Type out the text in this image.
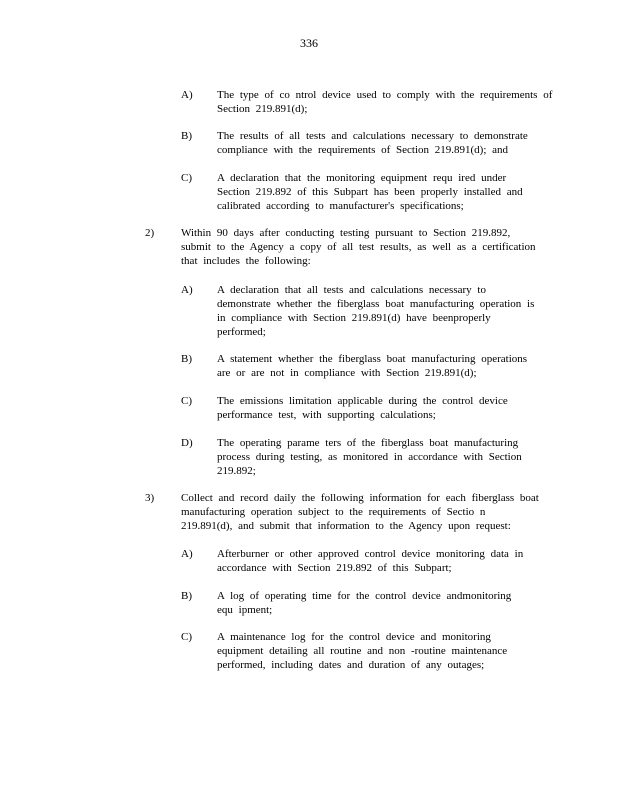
336
A)	The type of co ntrol device used to comply with the requirements of
Section 219.891(d);
B)	The results of all tests and calculations necessary to demonstrate
compliance with the requirements of Section 219.891(d); and
C)	A declaration that the monitoring equipment requ ired under
Section 219.892 of this Subpart has been properly installed and
calibrated according to manufacturer's specifications;
2)	Within 90 days after conducting testing pursuant to Section 219.892,
submit to the Agency a copy of all test results, as well as a certification
that includes the following:
A)	A declaration that all tests and calculations necessary to
demonstrate whether the fiberglass boat manufacturing operation is
in compliance with Section 219.891(d) have beenproperly
performed;
B)	A statement whether the fiberglass boat manufacturing operations
are or are not in compliance with Section 219.891(d);
C)	The emissions limitation applicable during the control device
performance test, with supporting calculations;
D)	The operating parame ters of the fiberglass boat manufacturing
process during testing, as monitored in accordance with Section
219.892;
3)	Collect and record daily the following information for each fiberglass boat
manufacturing operation subject to the requirements of Sectio n
219.891(d), and submit that information to the Agency upon request:
A)	Afterburner or other approved control device monitoring data in
accordance with Section 219.892 of this Subpart;
B)	A log of operating time for the control device andmonitoring
equ ipment;
C)	A maintenance log for the control device and monitoring
equipment detailing all routine and non -routine maintenance
performed, including dates and duration of any outages;
